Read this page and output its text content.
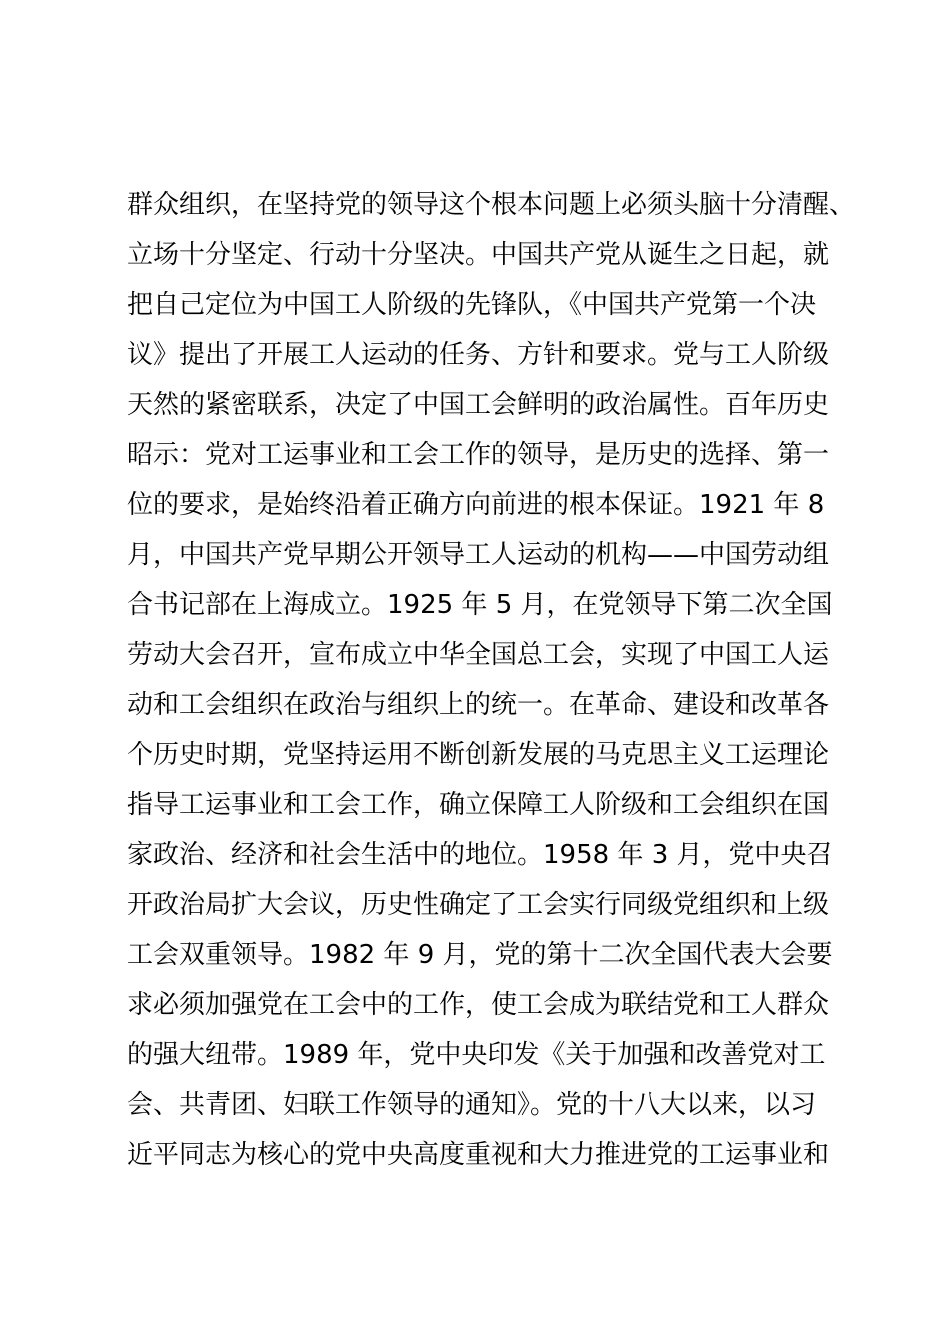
群众组织，在坚持党的领导这个根本问题上必须头脑十分清醒、
立场十分坚定、行动十分坚决。中国共产党从诞生之日起，就
把自己定位为中国工人阶级的先锋队，《中国共产党第一个决
议》提出了开展工人运动的任务、方针和要求。党与工人阶级
天然的紧密联系，决定了中国工会鲜明的政治属性。百年历史
昭示：党对工运事业和工会工作的领导，是历史的选择、第一
位的要求，是始终沿着正确方向前进的根本保证。1921 年 8
月，中国共产党早期公开领导工人运动的机构——中国劳动组
合书记部在上海成立。1925 年 5 月，在党领导下第二次全国
劳动大会召开，宣布成立中华全国总工会，实现了中国工人运
动和工会组织在政治与组织上的统一。在革命、建设和改革各
个历史时期，党坚持运用不断创新发展的马克思主义工运理论
指导工运事业和工会工作，确立保障工人阶级和工会组织在国
家政治、经济和社会生活中的地位。1958 年 3 月，党中央召
开政治局扩大会议，历史性确定了工会实行同级党组织和上级
工会双重领导。1982 年 9 月，党的第十二次全国代表大会要
求必须加强党在工会中的工作，使工会成为联结党和工人群众
的强大纽带。1989 年，党中央印发《关于加强和改善党对工
会、共青团、妇联工作领导的通知》。党的十八大以来，以习
近平同志为核心的党中央高度重视和大力推进党的工运事业和
